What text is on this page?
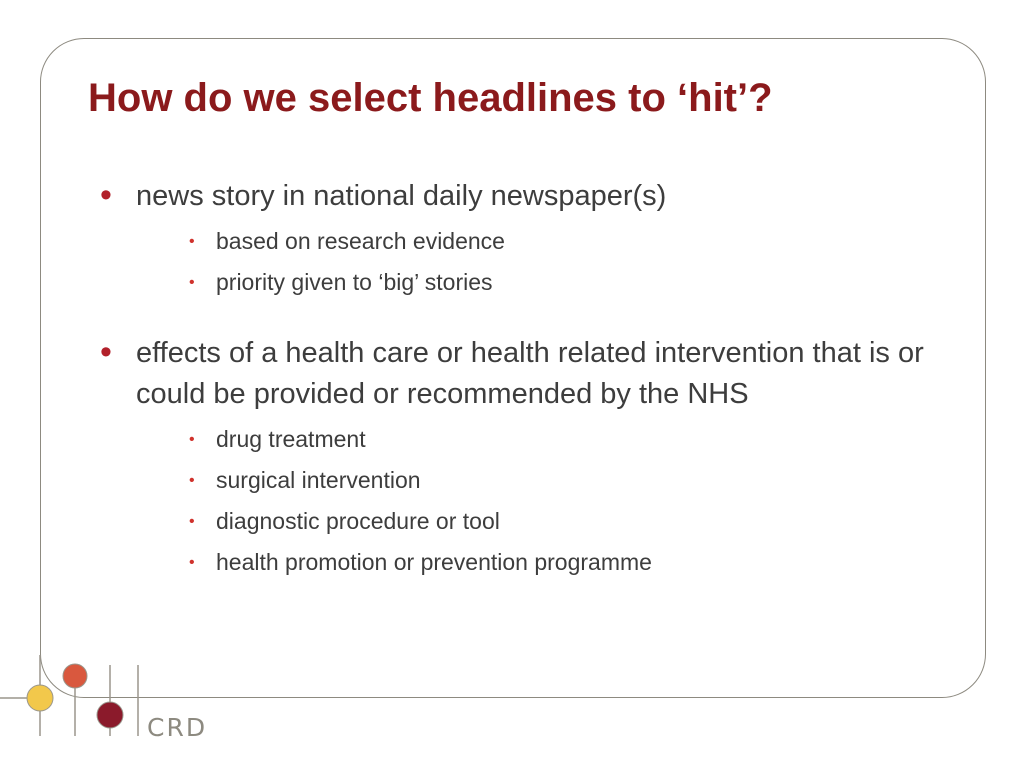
How do we select headlines to ‘hit’?
• news story in national daily newspaper(s)
• based on research evidence
• priority given to ‘big’ stories
• effects of a health care or health related intervention that is or could be provided or recommended by the NHS
• drug treatment
• surgical intervention
• diagnostic procedure or tool
• health promotion or prevention programme
CRD
